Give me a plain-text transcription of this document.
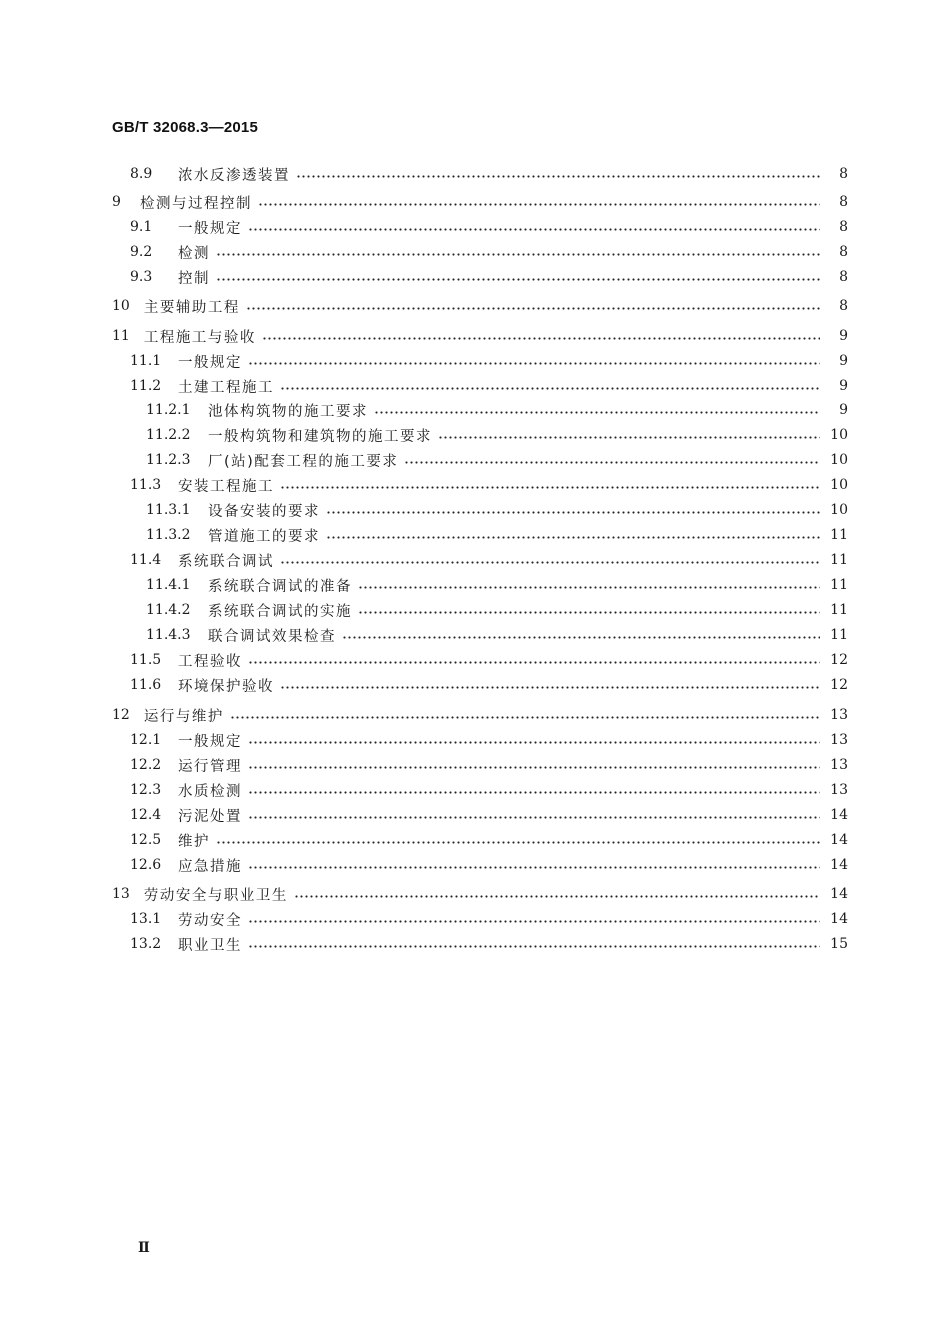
GB/T 32068.3—2015
8.9	浓水反渗透装置	8
9	检测与过程控制	8
9.1	一般规定	8
9.2	检测	8
9.3	控制	8
10 主要辅助工程	8
11 工程施工与验收	9
11.1 一般规定	9
11.2 土建工程施工	9
11.2.1 池体构筑物的施工要求	9
11.2.2 一般构筑物和建筑物的施工要求	10
11.2.3 厂(站)配套工程的施工要求	10
11.3 安装工程施工	10
11.3.1 设备安装的要求	10
11.3.2 管道施工的要求	11
11.4 系统联合调试	11
11.4.1 系统联合调试的准备	11
11.4.2 系统联合调试的实施	11
11.4.3 联合调试效果检查	11
11.5 工程验收	12
11.6 环境保护验收	12
12 运行与维护	13
12.1 一般规定	13
12.2 运行管理	13
12.3 水质检测	13
12.4 污泥处置	14
12.5 维护	14
12.6 应急措施	14
13 劳动安全与职业卫生	14
13.1 劳动安全	14
13.2 职业卫生	15
Ⅱ
